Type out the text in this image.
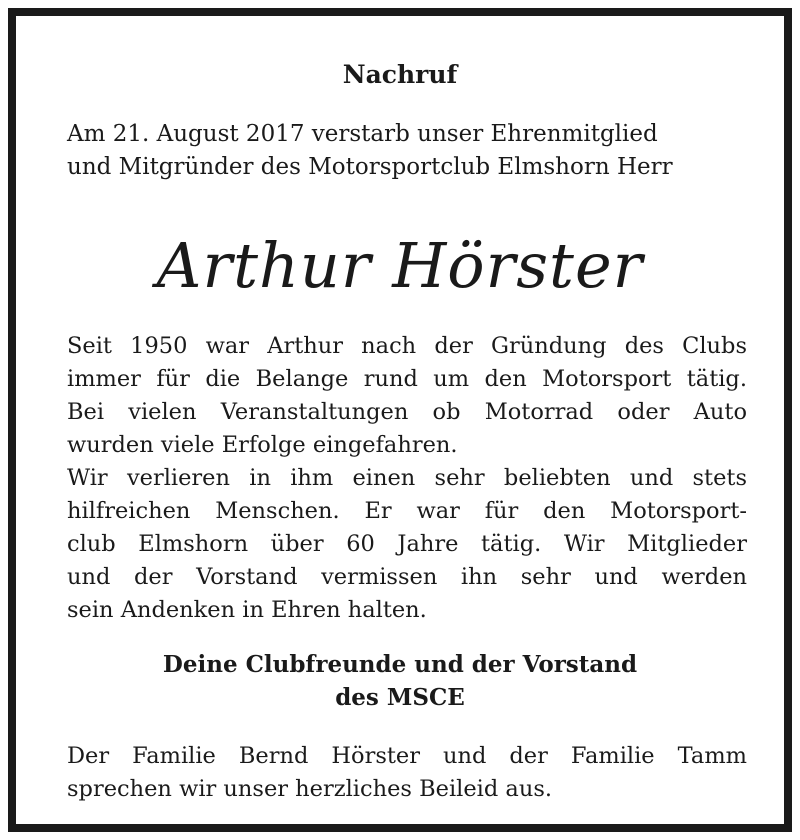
Nachruf
Am 21. August 2017 verstarb unser Ehrenmitglied
und Mitgründer des Motorsportclub Elmshorn Herr
Arthur Hörster
Seit 1950 war Arthur nach der Gründung des Clubs
immer für die Belange rund um den Motorsport tätig.
Bei vielen Veranstaltungen ob Motorrad oder Auto
wurden viele Erfolge eingefahren.
Wir verlieren in ihm einen sehr beliebten und stets
hilfreichen Menschen. Er war für den Motorsport-
club Elmshorn über 60 Jahre tätig. Wir Mitglieder
und der Vorstand vermissen ihn sehr und werden
sein Andenken in Ehren halten.
Deine Clubfreunde und der Vorstand
des MSCE
Der Familie Bernd Hörster und der Familie Tamm
sprechen wir unser herzliches Beileid aus.
